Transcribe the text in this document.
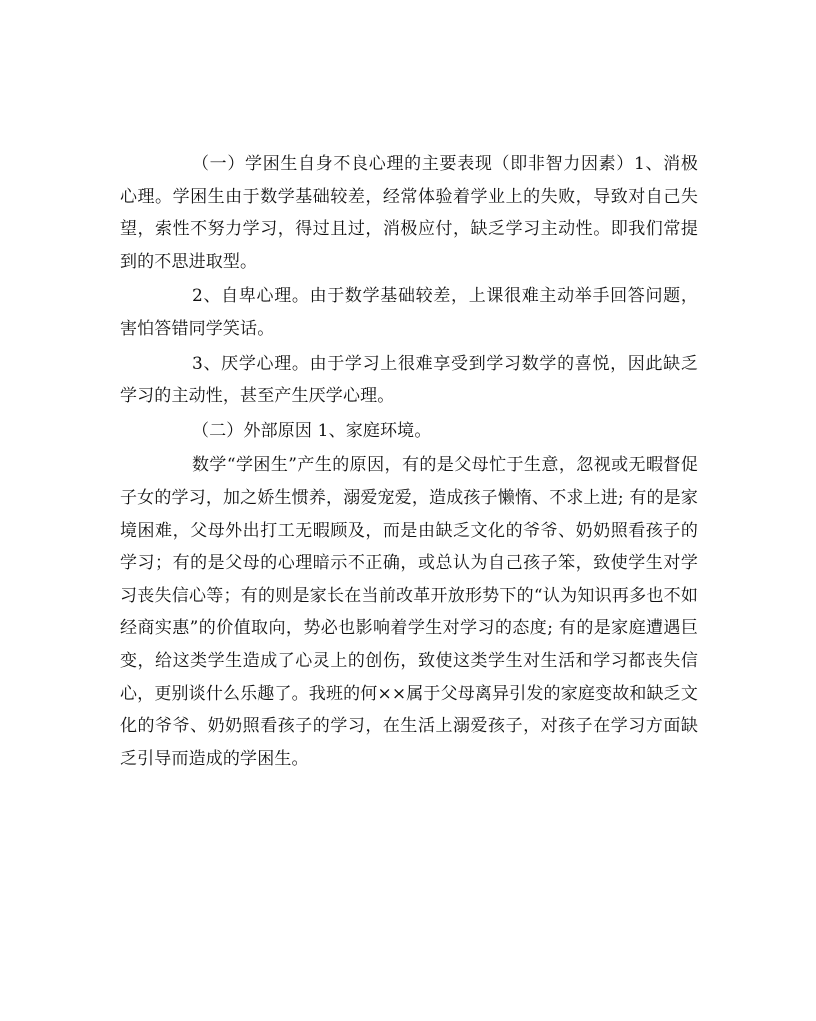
（一）学困生自身不良心理的主要表现（即非智力因素）1、消极心理。学困生由于数学基础较差，经常体验着学业上的失败，导致对自己失望，索性不努力学习，得过且过，消极应付，缺乏学习主动性。即我们常提到的不思进取型。

2、自卑心理。由于数学基础较差，上课很难主动举手回答问题，害怕答错同学笑话。

3、厌学心理。由于学习上很难享受到学习数学的喜悦，因此缺乏学习的主动性，甚至产生厌学心理。

（二）外部原因 1、家庭环境。

数学“学困生”产生的原因，有的是父母忙于生意，忽视或无暇督促子女的学习，加之娇生惯养，溺爱宠爱，造成孩子懒惰、不求上进; 有的是家境困难，父母外出打工无暇顾及，而是由缺乏文化的爷爷、奶奶照看孩子的学习；有的是父母的心理暗示不正确，或总认为自己孩子笨，致使学生对学习丧失信心等；有的则是家长在当前改革开放形势下的“认为知识再多也不如经商实惠”的价值取向，势必也影响着学生对学习的态度; 有的是家庭遭遇巨变，给这类学生造成了心灵上的创伤，致使这类学生对生活和学习都丧失信心，更别谈什么乐趣了。我班的何××属于父母离异引发的家庭变故和缺乏文化的爷爷、奶奶照看孩子的学习，在生活上溺爱孩子，对孩子在学习方面缺乏引导而造成的学困生。
